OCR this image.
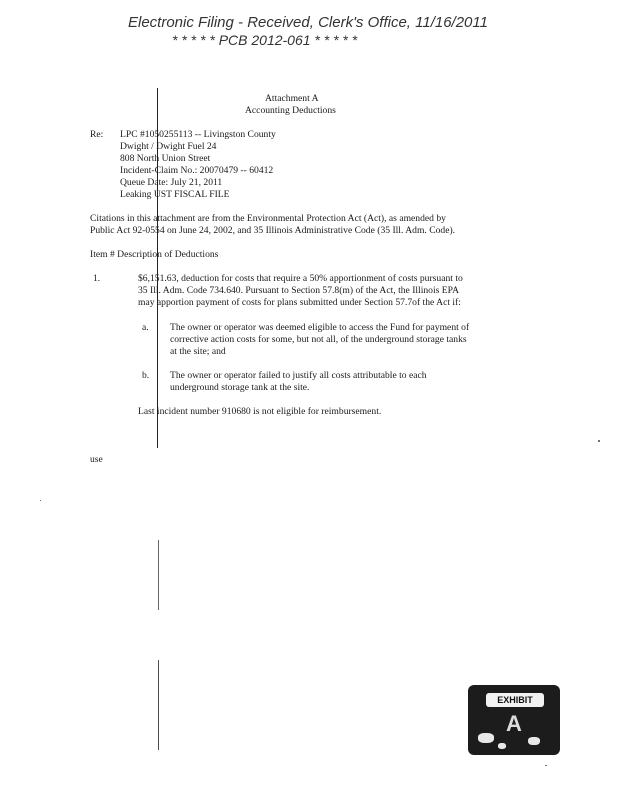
Electronic Filing - Received, Clerk's Office, 11/16/2011
* * * * * PCB 2012-061 * * * * *
Attachment A
Accounting Deductions
Re: LPC #1050255113 -- Livingston County
Dwight / Dwight Fuel 24
808 North Union Street
Incident-Claim No.: 20070479 -- 60412
Queue Date: July 21, 2011
Leaking UST FISCAL FILE
Citations in this attachment are from the Environmental Protection Act (Act), as amended by
Public Act 92-0554 on June 24, 2002, and 35 Illinois Administrative Code (35 Ill. Adm. Code).
Item # Description of Deductions
1.	$6,151.63, deduction for costs that require a 50% apportionment of costs pursuant to
35 Ill. Adm. Code 734.640. Pursuant to Section 57.8(m) of the Act, the Illinois EPA
may apportion payment of costs for plans submitted under Section 57.7of the Act if:
a. The owner or operator was deemed eligible to access the Fund for payment of
corrective action costs for some, but not all, of the underground storage tanks
at the site; and
b. The owner or operator failed to justify all costs attributable to each
underground storage tank at the site.
Last incident number 910680 is not eligible for reimbursement.
use
EXHIBIT
A
